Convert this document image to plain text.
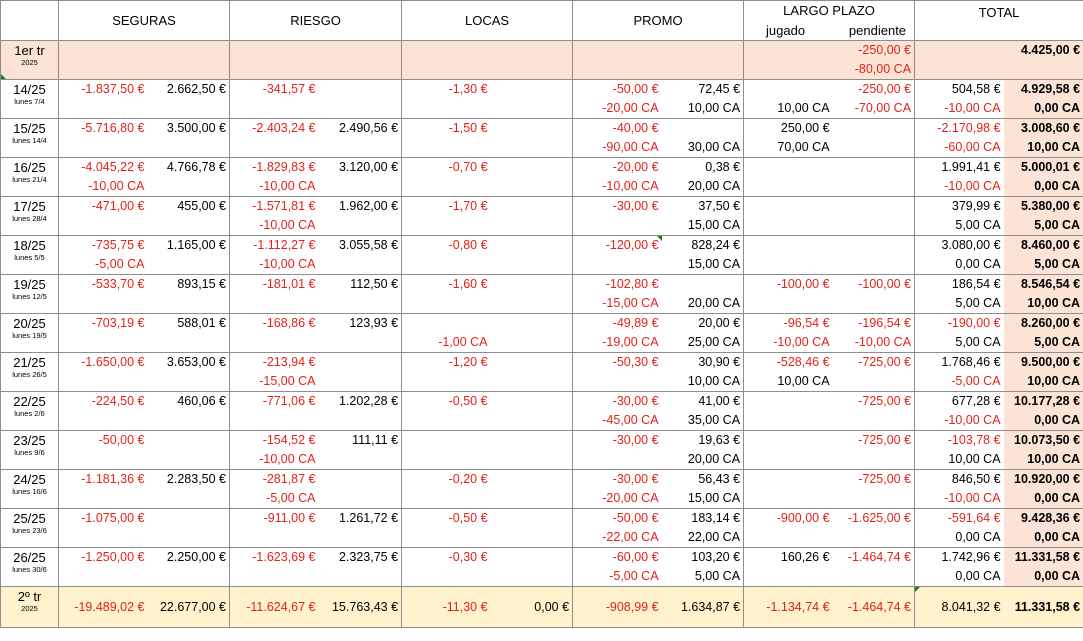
	SEGURAS		RIESGO		LOCAS		PROMO		LARGO PLAZO		TOTAL	
									jugado	pendiente		

1er tr
2025										-250,00 €		4.425,00 €
										-80,00 CA		

14/25
lunes 7/4	-1.837,50 €	2.662,50 €	-341,57 €		-1,30 €		-50,00 €	72,45 €		-250,00 €	504,58 €	4.929,58 €
							-20,00 CA	10,00 CA	10,00 CA	-70,00 CA	-10,00 CA	0,00 CA

15/25
lunes 14/4	-5.716,80 €	3.500,00 €	-2.403,24 €	2.490,56 €	-1,50 €		-40,00 €		250,00 €		-2.170,98 €	3.008,60 €
							-90,00 CA	30,00 CA	70,00 CA		-60,00 CA	10,00 CA

16/25
lunes 21/4	-4.045,22 €	4.766,78 €	-1.829,83 €	3.120,00 €	-0,70 €		-20,00 €	0,38 €			1.991,41 €	5.000,01 €
	-10,00 CA		-10,00 CA				-10,00 CA	20,00 CA			-10,00 CA	0,00 CA

17/25
lunes 28/4	-471,00 €	455,00 €	-1.571,81 €	1.962,00 €	-1,70 €		-30,00 €	37,50 €			379,99 €	5.380,00 €
			-10,00 CA					15,00 CA			5,00 CA	5,00 CA

18/25
lunes 5/5	-735,75 €	1.165,00 €	-1.112,27 €	3.055,58 €	-0,80 €		-120,00 €	828,24 €			3.080,00 €	8.460,00 €
	-5,00 CA		-10,00 CA					15,00 CA			0,00 CA	5,00 CA

19/25
lunes 12/5	-533,70 €	893,15 €	-181,01 €	112,50 €	-1,60 €		-102,80 €		-100,00 €	-100,00 €	186,54 €	8.546,54 €
							-15,00 CA	20,00 CA			5,00 CA	10,00 CA

20/25
lunes 19/5	-703,19 €	588,01 €	-168,86 €	123,93 €			-49,89 €	20,00 €	-96,54 €	-196,54 €	-190,00 €	8.260,00 €
					-1,00 CA		-19,00 CA	25,00 CA	-10,00 CA	-10,00 CA	5,00 CA	5,00 CA

21/25
lunes 26/5	-1.650,00 €	3.653,00 €	-213,94 €		-1,20 €		-50,30 €	30,90 €	-528,46 €	-725,00 €	1.768,46 €	9.500,00 €
			-15,00 CA					10,00 CA	10,00 CA		-5,00 CA	10,00 CA

22/25
lunes 2/6	-224,50 €	460,06 €	-771,06 €	1.202,28 €	-0,50 €		-30,00 €	41,00 €		-725,00 €	677,28 €	10.177,28 €
							-45,00 CA	35,00 CA			-10,00 CA	0,00 CA

23/25
lunes 9/6	-50,00 €		-154,52 €	111,11 €			-30,00 €	19,63 €		-725,00 €	-103,78 €	10.073,50 €
			-10,00 CA					20,00 CA			10,00 CA	10,00 CA

24/25
lunes 16/6	-1.181,36 €	2.283,50 €	-281,87 €		-0,20 €		-30,00 €	56,43 €		-725,00 €	846,50 €	10.920,00 €
			-5,00 CA				-20,00 CA	15,00 CA			-10,00 CA	0,00 CA

25/25
lunes 23/6	-1.075,00 €		-911,00 €	1.261,72 €	-0,50 €		-50,00 €	183,14 €	-900,00 €	-1.625,00 €	-591,64 €	9.428,36 €
							-22,00 CA	22,00 CA			0,00 CA	0,00 CA

26/25
lunes 30/6	-1.250,00 €	2.250,00 €	-1.623,69 €	2.323,75 €	-0,30 €		-60,00 €	103,20 €	160,26 €	-1.464,74 €	1.742,96 €	11.331,58 €
							-5,00 CA	5,00 CA			0,00 CA	0,00 CA

2º tr
2025	-19.489,02 €	22.677,00 €	-11.624,67 €	15.763,43 €	-11,30 €	0,00 €	-908,99 €	1.634,87 €	-1.134,74 €	-1.464,74 €	8.041,32 €	11.331,58 €
